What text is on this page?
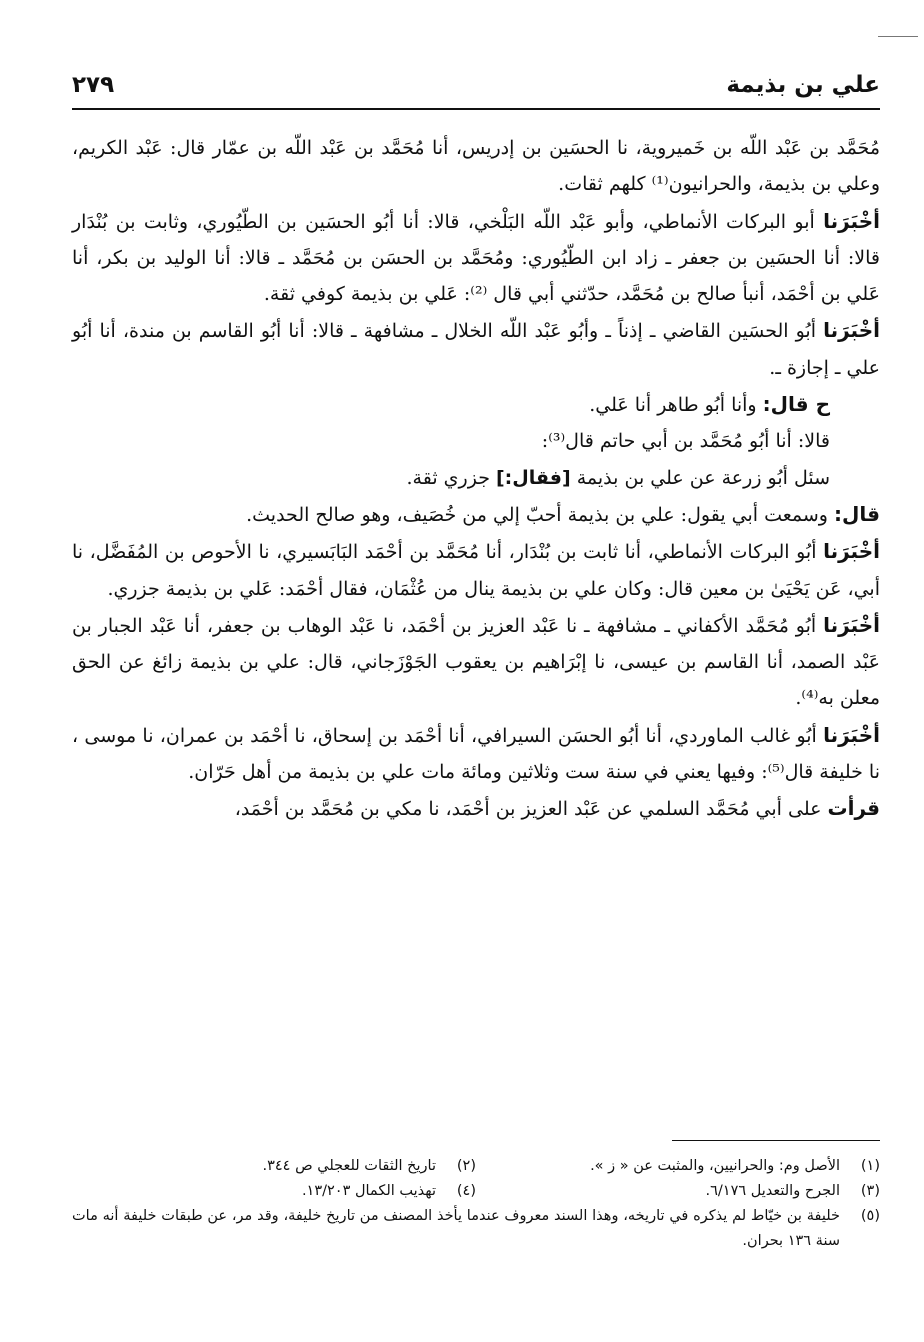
علي بن بذيمة
٢٧٩

مُحَمَّد بن عَبْد اللّه بن خَميروية، نا الحسَين بن إدريس، أنا مُحَمَّد بن عَبْد اللّه بن عمّار قال: عَبْد الكريم، وعلي بن بذيمة، والحرانيون⁽¹⁾ كلهم ثقات.

أخْبَرَنا أبو البركات الأنماطي، وأبو عَبْد اللّه البَلْخي، قالا: أنا أبُو الحسَين بن الطّيُوري، وثابت بن بُنْدَار قالا: أنا الحسَين بن جعفر ـ زاد ابن الطّيُوري: ومُحَمَّد بن الحسَن بن مُحَمَّد ـ قالا: أنا الوليد بن بكر، أنا عَلي بن أحْمَد، أنبأ صالح بن مُحَمَّد، حدّثني أبي قال ⁽²⁾: عَلي بن بذيمة كوفي ثقة.

أخْبَرَنا أبُو الحسَين القاضي ـ إذناً ـ وأبُو عَبْد اللّه الخلال ـ مشافهة ـ قالا: أنا أبُو القاسم بن مندة، أنا أبُو علي ـ إجازة ـ.

ح قال: وأنا أبُو طاهر أنا عَلي.

قالا: أنا أبُو مُحَمَّد بن أبي حاتم قال⁽³⁾:

سئل أبُو زرعة عن علي بن بذيمة [فقال:] جزري ثقة.

قال: وسمعت أبي يقول: علي بن بذيمة أحبّ إلي من خُصَيف، وهو صالح الحديث.

أخْبَرَنا أبُو البركات الأنماطي، أنا ثابت بن بُنْدَار، أنا مُحَمَّد بن أحْمَد البَابَسيري، نا الأحوص بن المُفَضَّل، نا أبي، عَن يَحْيَىٰ بن معين قال: وكان علي بن بذيمة ينال من عُثْمَان، فقال أحْمَد: عَلي بن بذيمة جزري.

أخْبَرَنا أبُو مُحَمَّد الأكفاني ـ مشافهة ـ نا عَبْد العزيز بن أحْمَد، نا عَبْد الوهاب بن جعفر، أنا عَبْد الجبار بن عَبْد الصمد، أنا القاسم بن عيسى، نا إبْرَاهيم بن يعقوب الجَوْزَجاني، قال: علي بن بذيمة زائغ عن الحق معلن به⁽⁴⁾.

أخْبَرَنا أبُو غالب الماوردي، أنا أبُو الحسَن السيرافي، أنا أحْمَد بن إسحاق، نا أحْمَد بن عمران، نا موسى ، نا خليفة قال⁽⁵⁾: وفيها يعني في سنة ست وثلاثين ومائة مات علي بن بذيمة من أهل حَرّان.

قرأت على أبي مُحَمَّد السلمي عن عَبْد العزيز بن أحْمَد، نا مكي بن مُحَمَّد بن أحْمَد،

(١)
الأصل وم: والحرانيين، والمثبت عن « ز ».
(٢)
تاريخ الثقات للعجلي ص ٣٤٤.
(٣)
الجرح والتعديل ٦/١٧٦.
(٤)
تهذيب الكمال ١٣/٢٠٣.
(٥)
خليفة بن خيّاط لم يذكره في تاريخه، وهذا السند معروف عندما يأخذ المصنف من تاريخ خليفة، وقد مر، عن طبقات خليفة أنه مات سنة ١٣٦ بحران.
